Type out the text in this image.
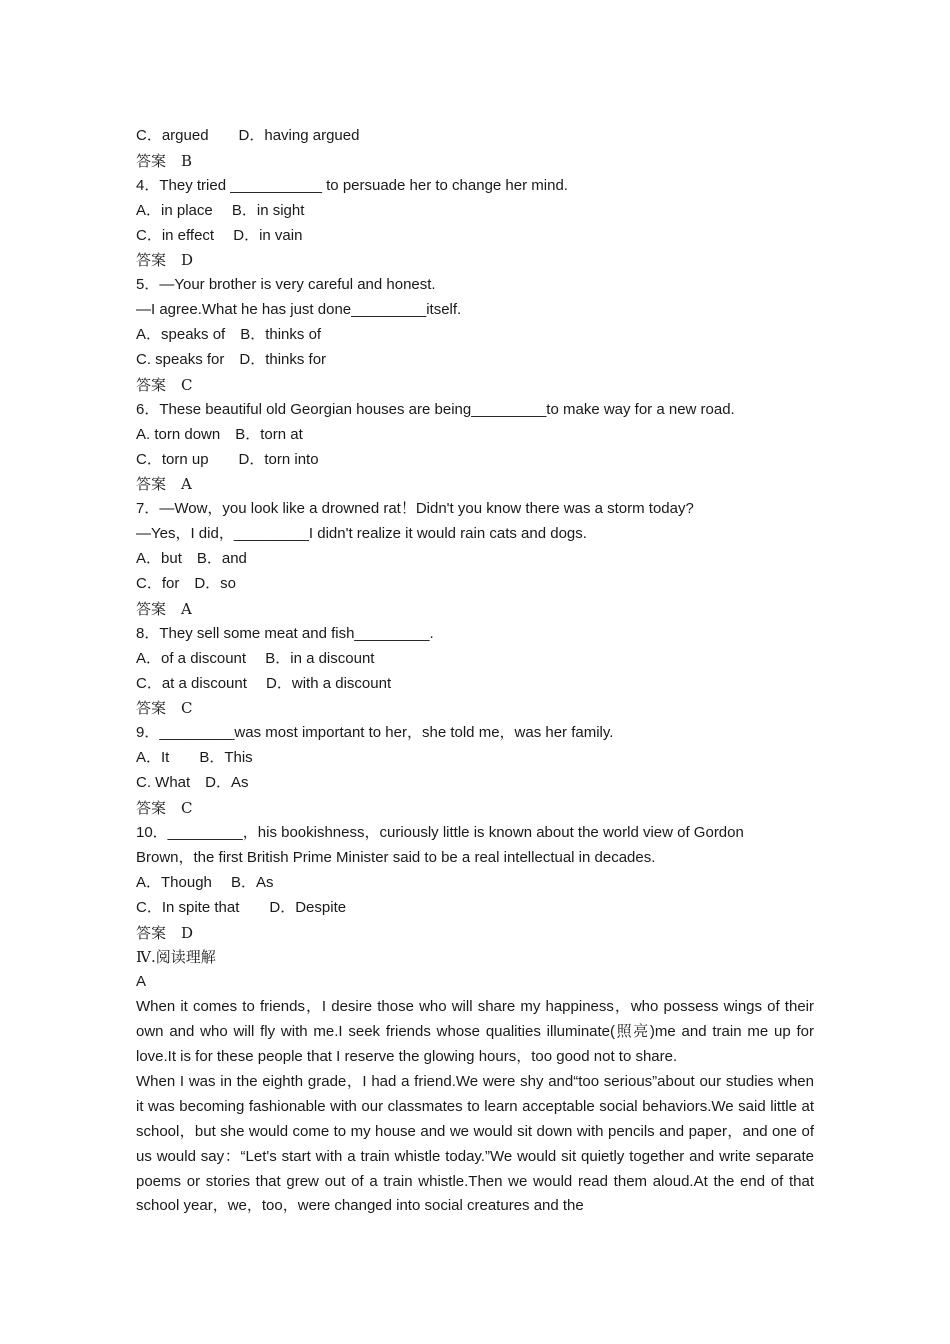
C．argued　　D．having argued
答案　B
4．They tried ___________ to persuade her to change her mind.
A．in place　 B．in sight
C．in effect　 D．in vain
答案　D
5．—Your brother is very careful and honest.
—I agree.What he has just done_________itself.
A．speaks of　B．thinks of
C. speaks for　D．thinks for
答案　C
6．These beautiful old Georgian houses are being_________to make way for a new road.
A. torn down　B．torn at
C．torn up　　D．torn into
答案　A
7．—Wow，you look like a drowned rat！Didn't you know there was a storm today?
—Yes，I did，_________I didn't realize it would rain cats and dogs.
A．but　B．and
C．for　D．so
答案　A
8．They sell some meat and fish_________.
A．of a discount　 B．in a discount
C．at a discount　 D．with a discount
答案　C
9．_________was most important to her，she told me，was her family.
A．It　　B．This
C. What　D．As
答案　C
10．_________，his bookishness，curiously little is known about the world view of Gordon
Brown，the first British Prime Minister said to be a real intellectual in decades.
A．Though　 B．As
C．In spite that　　D．Despite
答案　D
Ⅳ.阅读理解
A

When it comes to friends，I desire those who will share my happiness，who possess wings of their own and who will fly with me.I seek friends whose qualities illuminate(照亮)me and train me up for love.It is for these people that I reserve the glowing hours，too good not to share.

When I was in the eighth grade，I had a friend.We were shy and“too serious”about our studies when it was becoming fashionable with our classmates to learn acceptable social behaviors.We said little at school，but she would come to my house and we would sit down with pencils and paper，and one of us would say：“Let's start with a train whistle today.”We would sit quietly together and write separate poems or stories that grew out of a train whistle.Then we would read them aloud.At the end of that school year，we，too，were changed into social creatures and the
